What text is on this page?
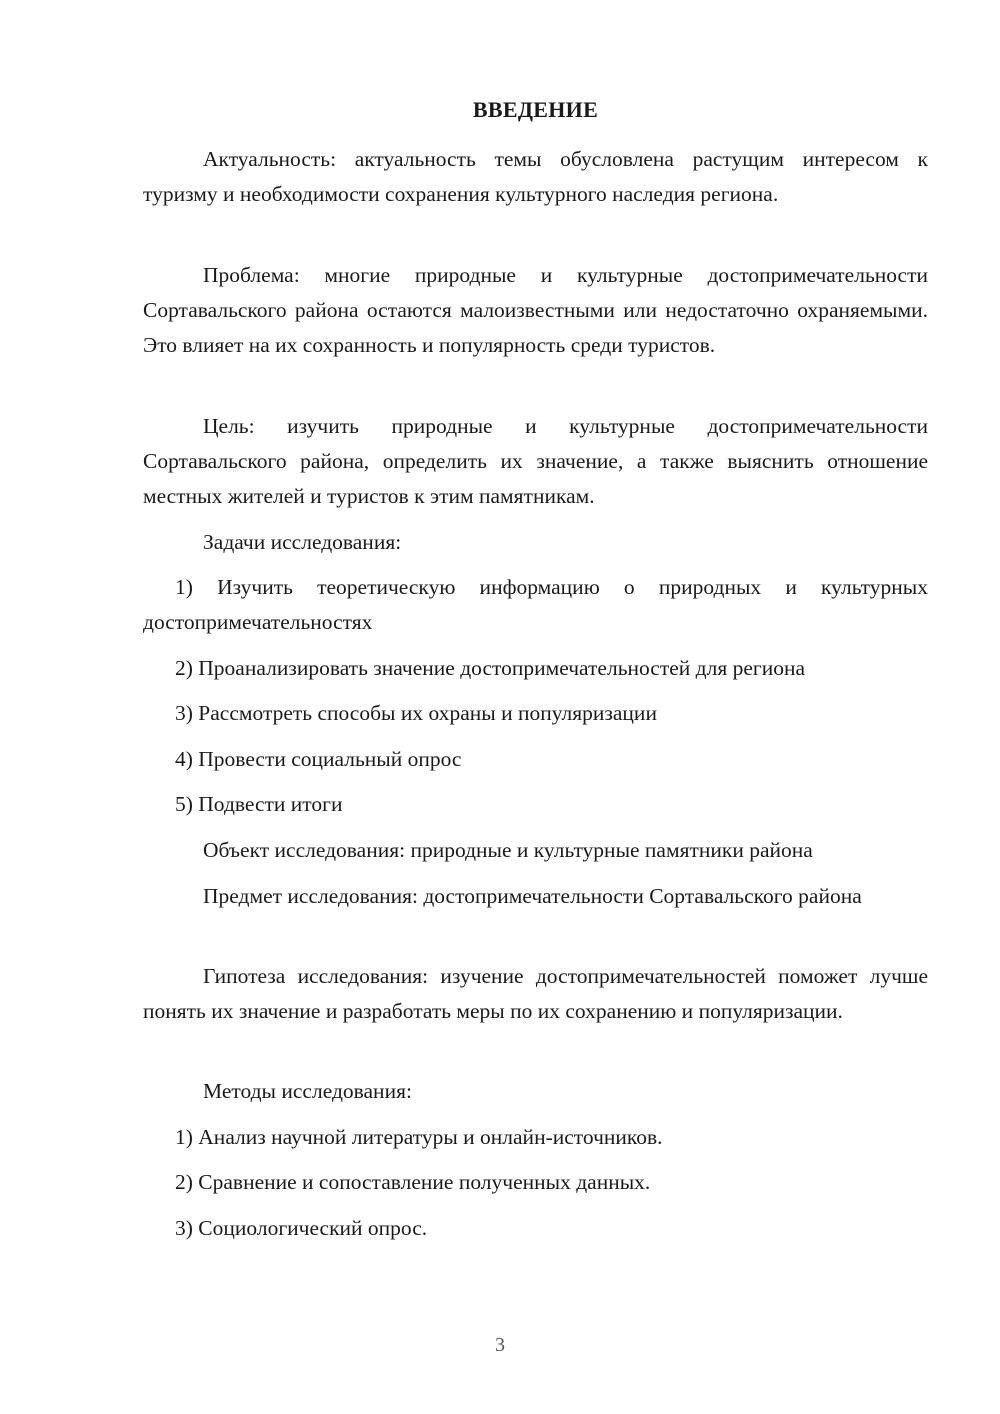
ВВЕДЕНИЕ

Актуальность: актуальность темы обусловлена растущим интересом к туризму и необходимости сохранения культурного наследия региона.

Проблема: многие природные и культурные достопримечательности Сортавальского района остаются малоизвестными или недостаточно охраняемыми. Это влияет на их сохранность и популярность среди туристов.

Цель: изучить природные и культурные достопримечательности Сортавальского района, определить их значение, а также выяснить отношение местных жителей и туристов к этим памятникам.

Задачи исследования:

1) Изучить теоретическую информацию о природных и культурных достопримечательностях

2) Проанализировать значение достопримечательностей для региона

3) Рассмотреть способы их охраны и популяризации

4) Провести социальный опрос

5) Подвести итоги

Объект исследования: природные и культурные памятники района

Предмет исследования: достопримечательности Сортавальского района

Гипотеза исследования: изучение достопримечательностей поможет лучше понять их значение и разработать меры по их сохранению и популяризации.

Методы исследования:

1) Анализ научной литературы и онлайн-источников.

2) Сравнение и сопоставление полученных данных.

3) Социологический опрос.

3
